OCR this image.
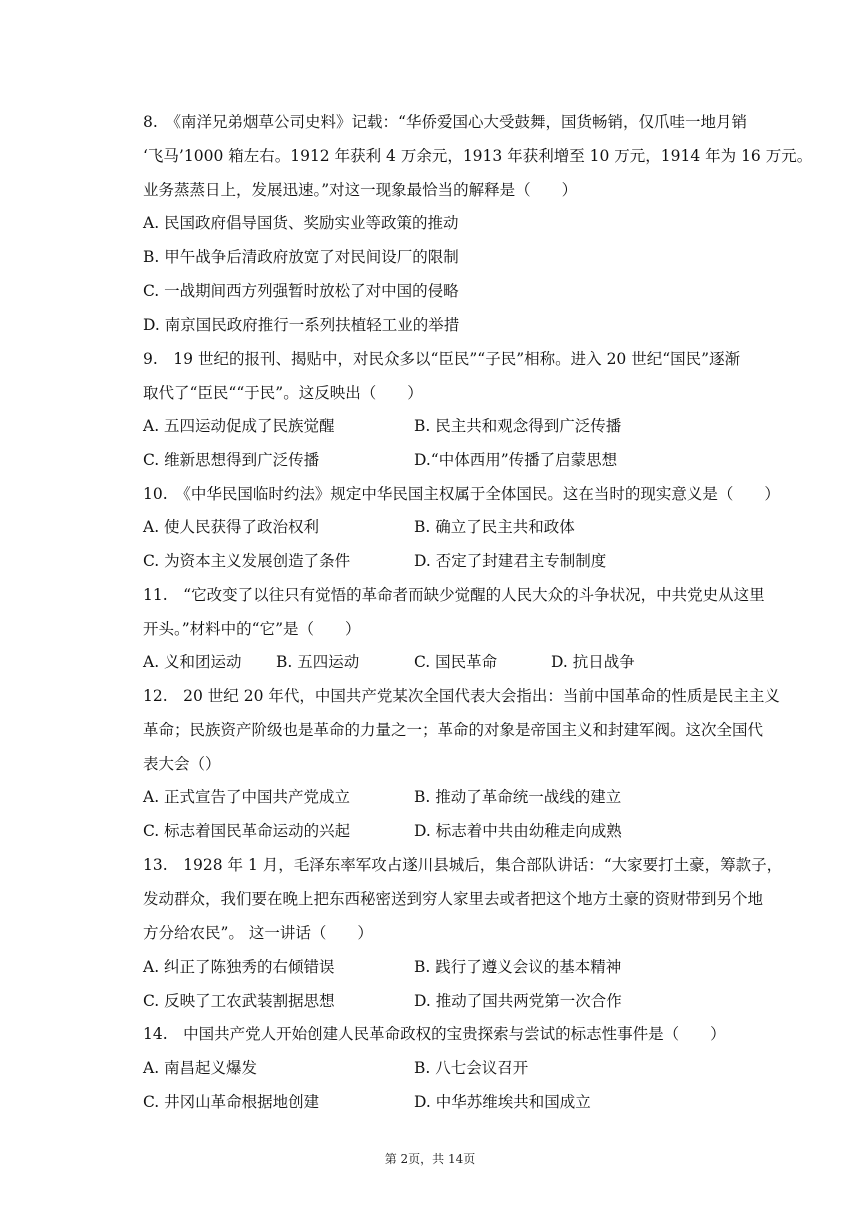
8.　《南洋兄弟烟草公司史料》记载：“华侨爱国心大受鼓舞，国货畅销，仅爪哇一地月销
‘飞马’1000 箱左右。1912 年获利 4 万余元，1913 年获利增至 10 万元，1914 年为 16 万元。
业务蒸蒸日上，发展迅速。”对这一现象最恰当的解释是（　　）
A. 民国政府倡导国货、奖励实业等政策的推动
B. 甲午战争后清政府放宽了对民间设厂的限制
C. 一战期间西方列强暂时放松了对中国的侵略
D. 南京国民政府推行一系列扶植轻工业的举措
9.　19 世纪的报刊、揭贴中，对民众多以“臣民”“子民”相称。进入 20 世纪“国民”逐渐
取代了“臣民““于民”。这反映出（　　）
A. 五四运动促成了民族觉醒	B. 民主共和观念得到广泛传播
C. 维新思想得到广泛传播	D.“中体西用”传播了启蒙思想
10.　《中华民国临时约法》规定中华民国主权属于全体国民。这在当时的现实意义是（　　）
A. 使人民获得了政治权利	B. 确立了民主共和政体
C. 为资本主义发展创造了条件	D. 否定了封建君主专制制度
11.　“它改变了以往只有觉悟的革命者而缺少觉醒的人民大众的斗争状况，中共党史从这里
开头。”材料中的“它”是（　　）
A. 义和团运动 B. 五四运动	C. 国民革命	D. 抗日战争
12.　20 世纪 20 年代，中国共产党某次全国代表大会指出：当前中国革命的性质是民主主义
革命；民族资产阶级也是革命的力量之一；革命的对象是帝国主义和封建军阀。这次全国代
表大会（）
A. 正式宣告了中国共产党成立	B. 推动了革命统一战线的建立
C. 标志着国民革命运动的兴起	D. 标志着中共由幼稚走向成熟
13.　1928 年 1 月，毛泽东率军攻占遂川县城后，集合部队讲话：“大家要打土豪，筹款子，
发动群众，我们要在晚上把东西秘密送到穷人家里去或者把这个地方土豪的资财带到另个地
方分给农民”。 这一讲话（　　）
A. 纠正了陈独秀的右倾错误	B. 践行了遵义会议的基本精神
C. 反映了工农武装割据思想	D. 推动了国共两党第一次合作
14.　中国共产党人开始创建人民革命政权的宝贵探索与尝试的标志性事件是（　　）
A. 南昌起义爆发	B. 八七会议召开
C. 井冈山革命根据地创建	D. 中华苏维埃共和国成立
第 2页，共 14页
